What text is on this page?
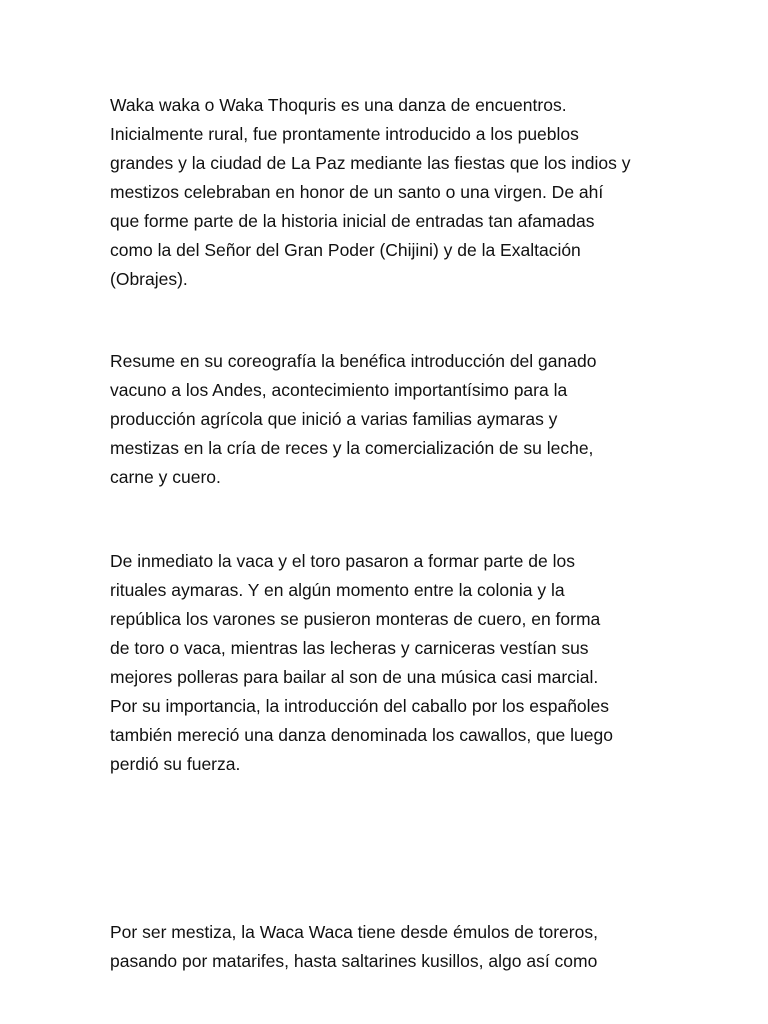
Waka waka o Waka Thoquris es una danza de encuentros.
Inicialmente rural, fue prontamente introducido a los pueblos
grandes y la ciudad de La Paz mediante las fiestas que los indios y
mestizos celebraban en honor de un santo o una virgen. De ahí
que forme parte de la historia inicial de entradas tan afamadas
como la del Señor del Gran Poder (Chijini) y de la Exaltación
(Obrajes).

Resume en su coreografía la benéfica introducción del ganado
vacuno a los Andes, acontecimiento importantísimo para la
producción agrícola que inició a varias familias aymaras y
mestizas en la cría de reces y la comercialización de su leche,
carne y cuero.

De inmediato la vaca y el toro pasaron a formar parte de los
rituales aymaras. Y en algún momento entre la colonia y la
república los varones se pusieron monteras de cuero, en forma
de toro o vaca, mientras las lecheras y carniceras vestían sus
mejores polleras para bailar al son de una música casi marcial.
Por su importancia, la introducción del caballo por los españoles
también mereció una danza denominada los cawallos, que luego
perdió su fuerza.

Por ser mestiza, la Waca Waca tiene desde émulos de toreros,
pasando por matarifes, hasta saltarines kusillos, algo así como
